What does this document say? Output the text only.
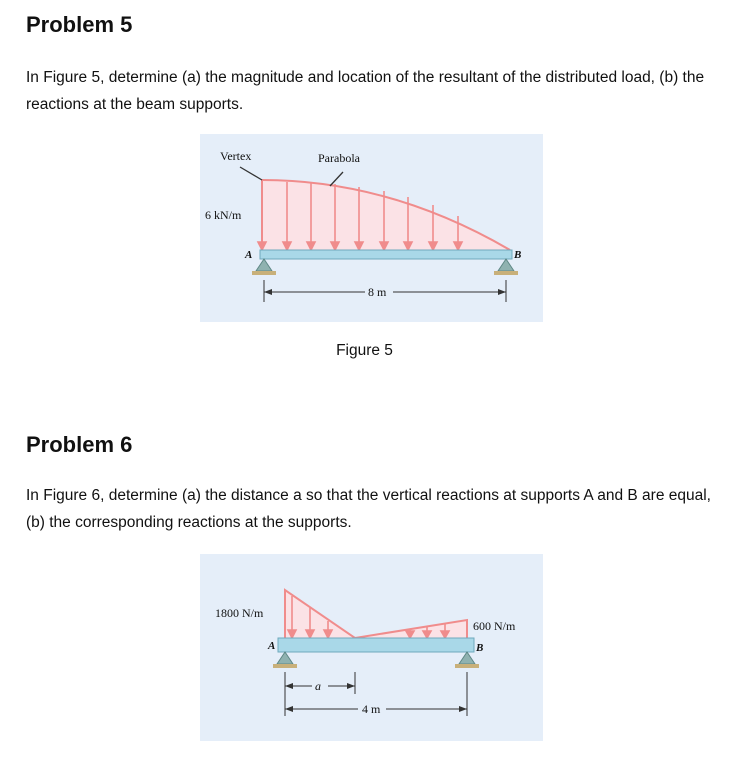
Problem 5

In Figure 5, determine (a) the magnitude and location of the resultant of the distributed load, (b) the reactions at the beam supports.

Vertex	Parabola
6 kN/m
A	B
8 m
Figure 5
Problem 6

In Figure 6, determine (a) the distance a so that the vertical reactions at supports A and B are equal, (b) the corresponding reactions at the supports.

1800 N/m
600 N/m
A	B
a
4 m
